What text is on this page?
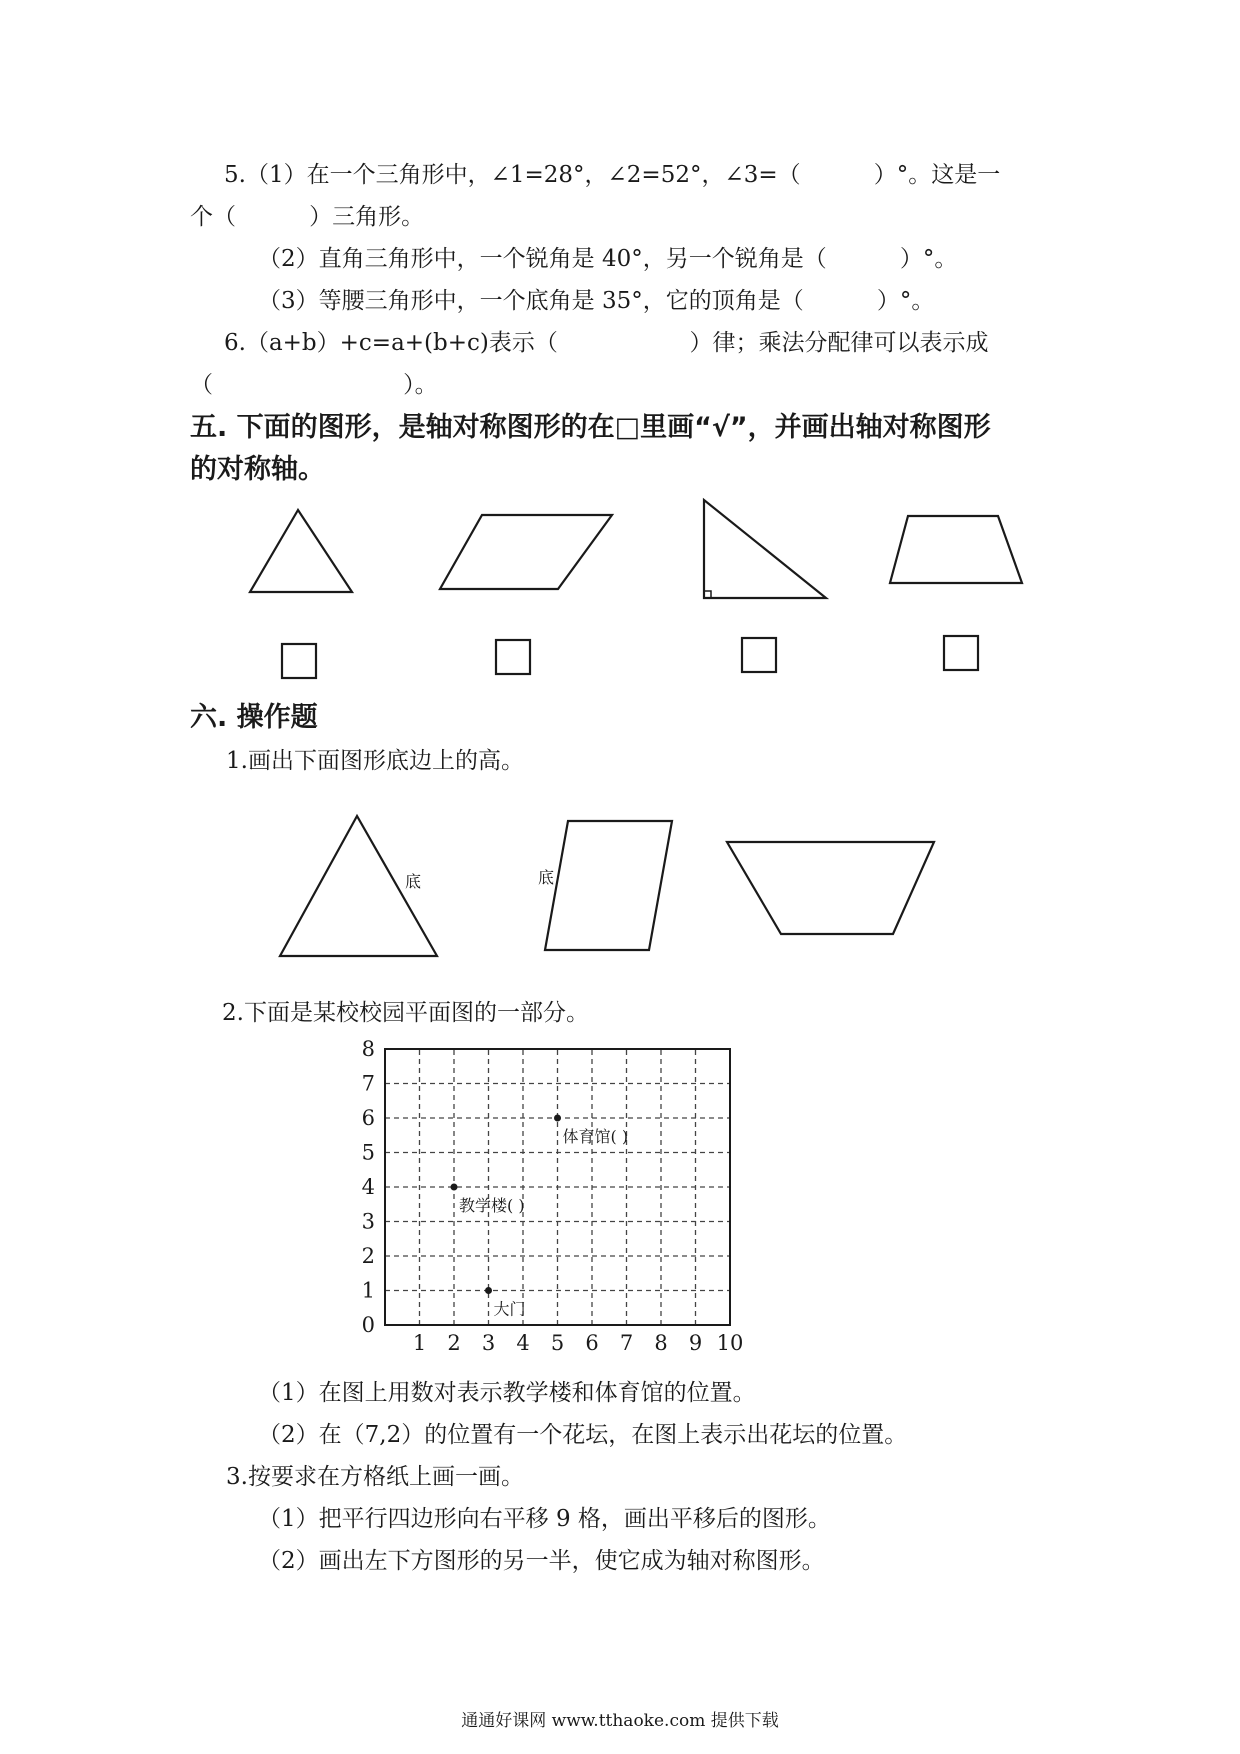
5.（1）在一个三角形中，∠1=28°，∠2=52°，∠3=（          ）°。这是一
个（          ）三角形。
（2）直角三角形中，一个锐角是 40°，另一个锐角是（          ）°。
（3）等腰三角形中，一个底角是 35°，它的顶角是（          ）°。
6.（a+b）+c=a+(b+c)表示（                  ）律；乘法分配律可以表示成
（                          ）。
五. 下面的图形，是轴对称图形的在□里画“√”，并画出轴对称图形
的对称轴。
六. 操作题
1.画出下面图形底边上的高。
底	底
2.下面是某校校园平面图的一部分。
1 2 3 4 5 6 7 8 9 10
0
1
2
3
4
5
6
7
8
体育馆( )
教学楼( )
大门
（1）在图上用数对表示教学楼和体育馆的位置。
（2）在（7,2）的位置有一个花坛，在图上表示出花坛的位置。
3.按要求在方格纸上画一画。
（1）把平行四边形向右平移 9 格，画出平移后的图形。
（2）画出左下方图形的另一半，使它成为轴对称图形。
通通好课网 www.tthaoke.com 提供下载
